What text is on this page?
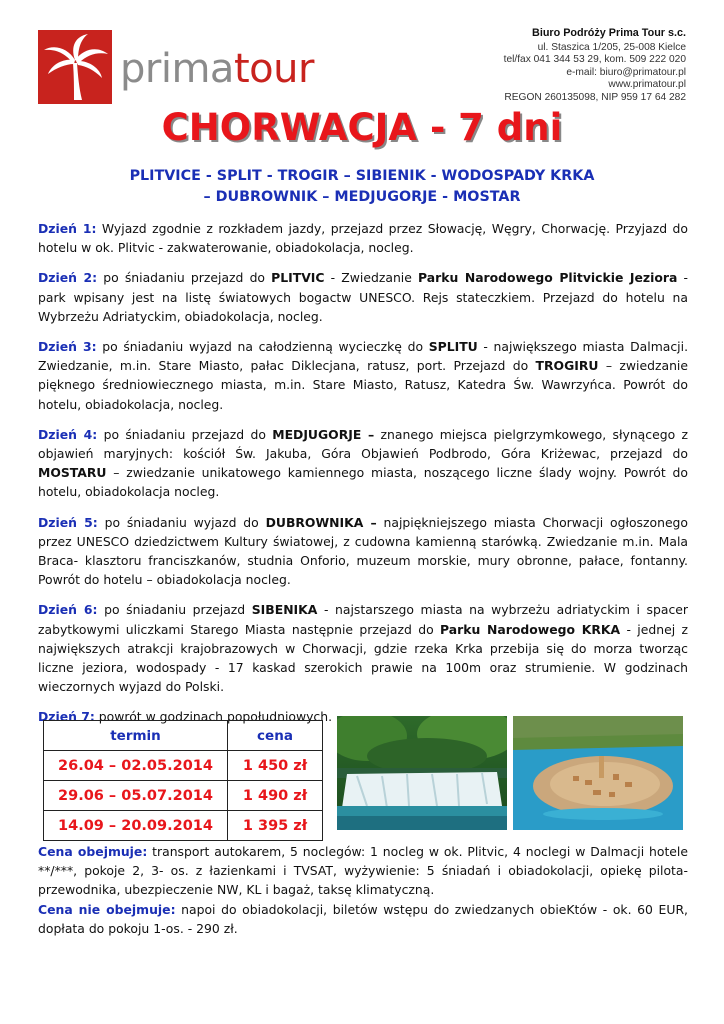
primatour
Biuro Podróży Prima Tour s.c.
ul. Staszica 1/205, 25-008 Kielce
tel/fax 041 344 53 29, kom. 509 222 020
e-mail: biuro@primatour.pl
www.primatour.pl
REGON 260135098, NIP 959 17 64 282
CHORWACJA - 7 dni
PLITVICE - SPLIT - TROGIR – SIBIENIK - WODOSPADY KRKA
– DUBROWNIK – MEDJUGORJE - MOSTAR
Dzień 1: Wyjazd zgodnie z rozkładem jazdy, przejazd przez Słowację, Węgry, Chorwację. Przyjazd do hotelu w ok. Plitvic - zakwaterowanie, obiadokolacja, nocleg.
Dzień 2: po śniadaniu przejazd do PLITVIC - Zwiedzanie Parku Narodowego Plitvickie Jeziora - park wpisany jest na listę światowych bogactw UNESCO. Rejs stateczkiem. Przejazd do hotelu na Wybrzeżu Adriatyckim, obiadokolacja, nocleg.
Dzień 3: po śniadaniu wyjazd na całodzienną wycieczkę do SPLITU - największego miasta Dalmacji. Zwiedzanie, m.in. Stare Miasto, pałac Diklecjana, ratusz, port. Przejazd do TROGIRU – zwiedzanie pięknego średniowiecznego miasta, m.in. Stare Miasto, Ratusz, Katedra Św. Wawrzyńca. Powrót do hotelu, obiadokolacja, nocleg.
Dzień 4: po śniadaniu przejazd do MEDJUGORJE – znanego miejsca pielgrzymkowego, słynącego z objawień maryjnych: kościół Św. Jakuba, Góra Objawień Podbrodo, Góra Kriżewac, przejazd do MOSTARU – zwiedzanie unikatowego kamiennego miasta, noszącego liczne ślady wojny. Powrót do hotelu, obiadokolacja nocleg.
Dzień 5: po śniadaniu wyjazd do DUBROWNIKA – najpiękniejszego miasta Chorwacji ogłoszonego przez UNESCO dziedzictwem Kultury światowej, z cudowna kamienną starówką. Zwiedzanie m.in. Mala Braca- klasztoru franciszkanów, studnia Onforio, muzeum morskie, mury obronne, pałace, fontanny. Powrót do hotelu – obiadokolacja nocleg.
Dzień 6: po śniadaniu przejazd SIBENIKA - najstarszego miasta na wybrzeżu adriatyckim i spacer zabytkowymi uliczkami Starego Miasta następnie przejazd do Parku Narodowego KRKA - jednej z największych atrakcji krajobrazowych w Chorwacji, gdzie rzeka Krka przebija się do morza tworząc liczne jeziora, wodospady - 17 kaskad szerokich prawie na 100m oraz strumienie. W godzinach wieczornych wyjazd do Polski.
Dzień 7: powrót w godzinach popołudniowych.
termin	cena
26.04 – 02.05.2014	1 450 zł
29.06 – 05.07.2014	1 490 zł
14.09 – 20.09.2014	1 395 zł
Cena obejmuje: transport autokarem, 5 noclegów: 1 nocleg w ok. Plitvic, 4 noclegi w Dalmacji hotele **/***, pokoje 2, 3- os. z łazienkami i TVSAT, wyżywienie: 5 śniadań i obiadokolacji, opiekę pilota-przewodnika, ubezpieczenie NW, KL i bagaż, taksę klimatyczną.
Cena nie obejmuje: napoi do obiadokolacji, biletów wstępu do zwiedzanych obieKtów - ok. 60 EUR, dopłata do pokoju 1-os. - 290 zł.
